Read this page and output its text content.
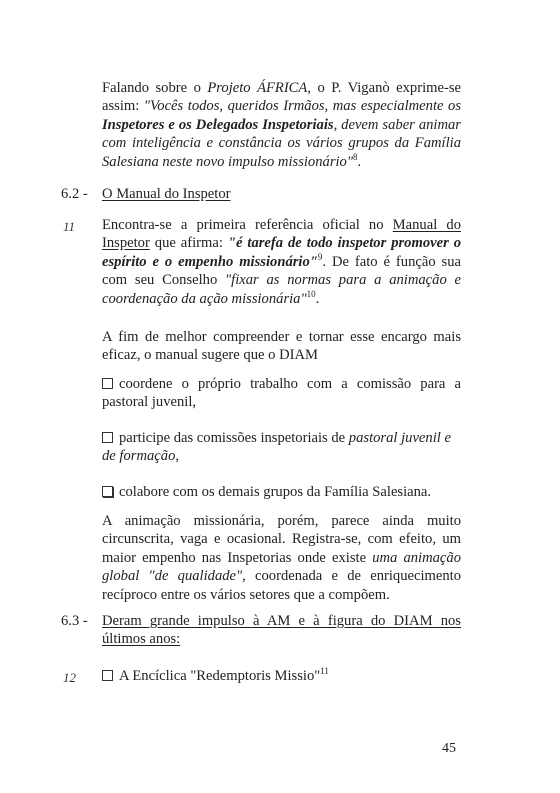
Falando sobre o Projeto ÁFRICA, o P. Viganò exprime-se assim: "Vocês todos, queridos Irmãos, mas especialmente os Inspetores e os Delegados Inspetoriais, devem saber animar com inteligência e constância os vários grupos da Família Salesiana neste novo impulso missionário"$^8$.
6.2 - O Manual do Inspetor
11 Encontra-se a primeira referência oficial no Manual do Inspetor que afirma: "é tarefa de todo inspetor promover o espírito e o empenho missionário"$^9$. De fato é função sua com seu Conselho "fixar as normas para a animação e coordenação da ação missionária"$^{10}$.
A fim de melhor compreender e tornar esse encargo mais eficaz, o manual sugere que o DIAM
coordene o próprio trabalho com a comissão para a pastoral juvenil,
participe das comissões inspetoriais de pastoral juvenil e de formação,
colabore com os demais grupos da Família Salesiana.
A animação missionária, porém, parece ainda muito circunscrita, vaga e ocasional. Registra-se, com efeito, um maior empenho nas Inspetorias onde existe uma animação global "de qualidade", coordenada e de enriquecimento recíproco entre os vários setores que a compõem.
6.3 - Deram grande impulso à AM e à figura do DIAM nos últimos anos:
12	A Encíclica "Redemptoris Missio"$^{11}$
45
